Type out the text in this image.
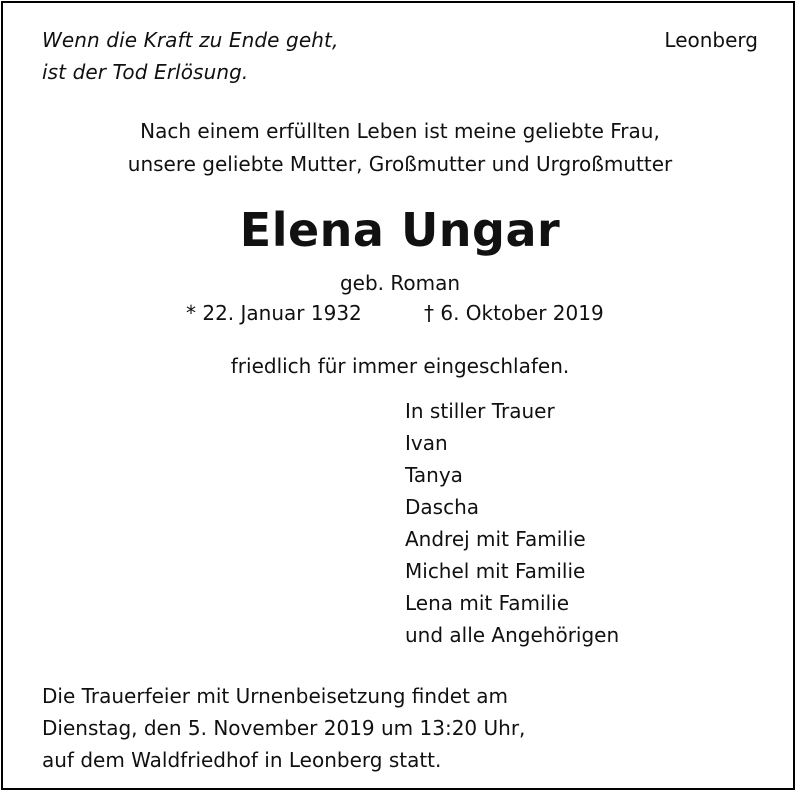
Wenn die Kraft zu Ende geht,
ist der Tod Erlösung.
Leonberg
Nach einem erfüllten Leben ist meine geliebte Frau,
unsere geliebte Mutter, Großmutter und Urgroßmutter
Elena Ungar
geb. Roman
* 22. Januar 1932	† 6. Oktober 2019
friedlich für immer eingeschlafen.
In stiller Trauer
Ivan
Tanya
Dascha
Andrej mit Familie
Michel mit Familie
Lena mit Familie
und alle Angehörigen
Die Trauerfeier mit Urnenbeisetzung findet am
Dienstag, den 5. November 2019 um 13:20 Uhr,
auf dem Waldfriedhof in Leonberg statt.
